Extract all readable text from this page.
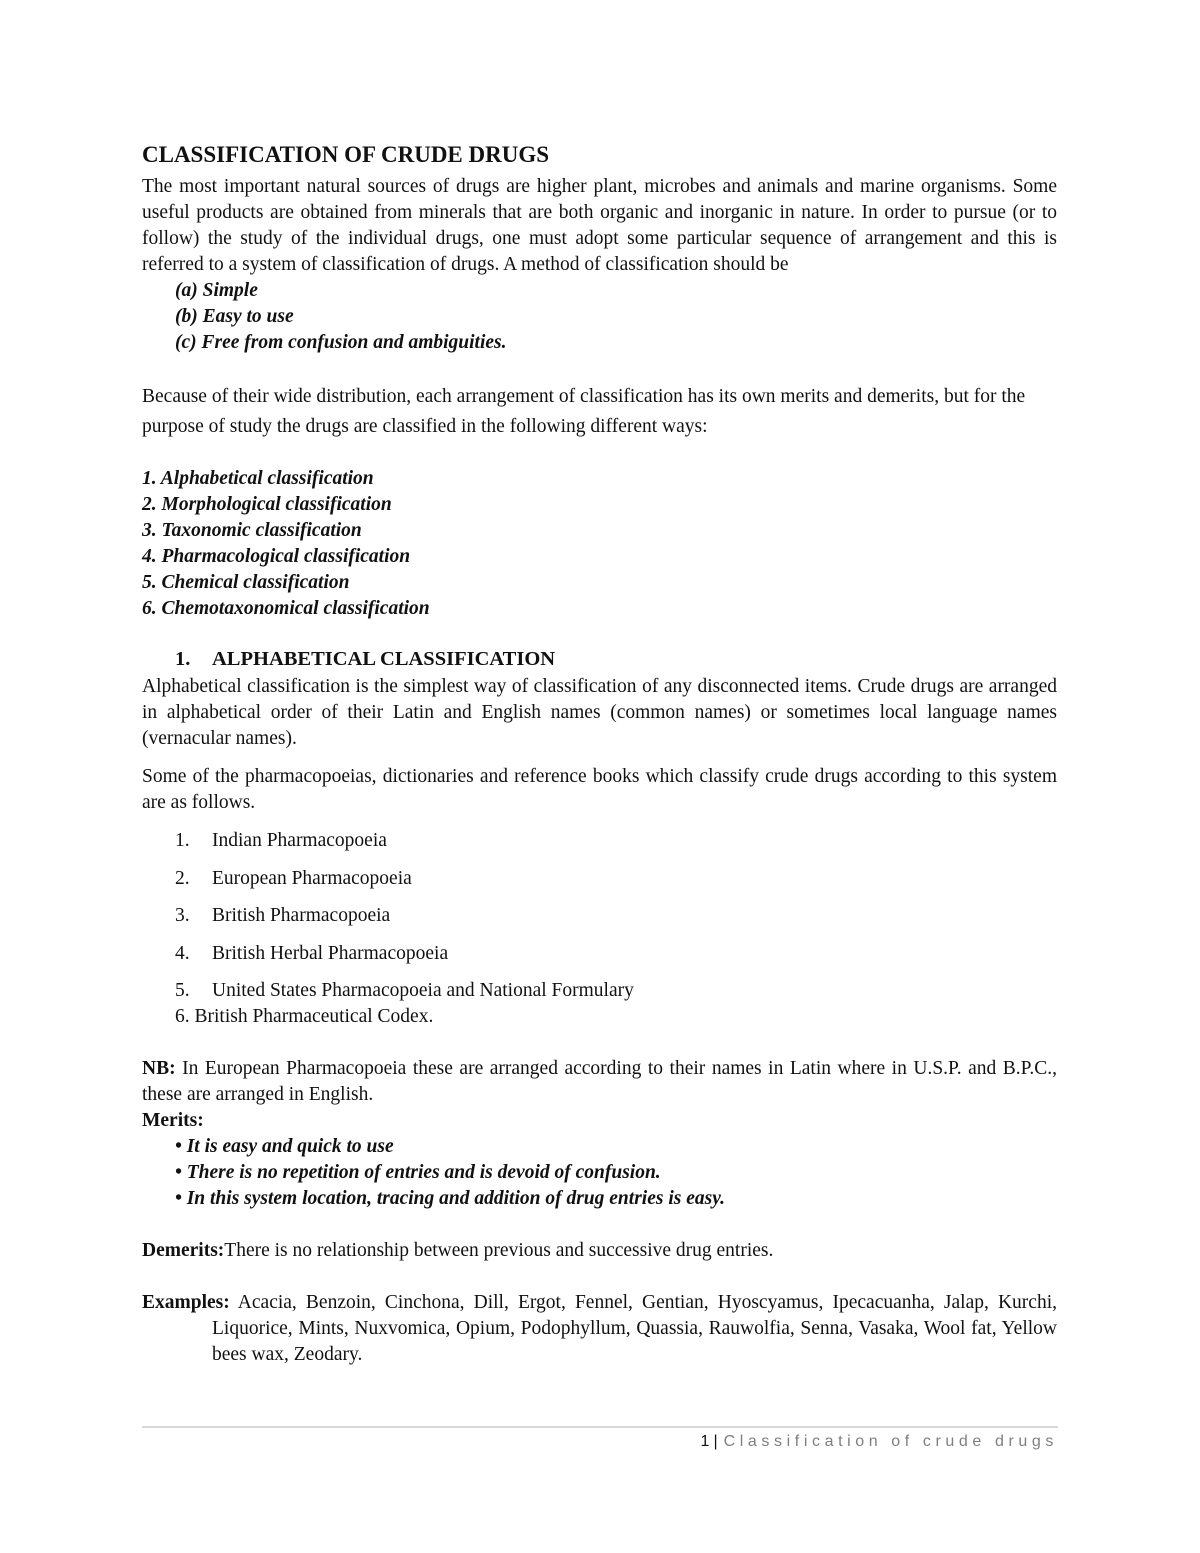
CLASSIFICATION OF CRUDE DRUGS

The most important natural sources of drugs are higher plant, microbes and animals and marine organisms. Some useful products are obtained from minerals that are both organic and inorganic in nature. In order to pursue (or to follow) the study of the individual drugs, one must adopt some particular sequence of arrangement and this is referred to a system of classification of drugs. A method of classification should be

(a) Simple
(b) Easy to use
(c) Free from confusion and ambiguities.

Because of their wide distribution, each arrangement of classification has its own merits and demerits, but for the purpose of study the drugs are classified in the following different ways:

1. Alphabetical classification
2. Morphological classification
3. Taxonomic classification
4. Pharmacological classification
5. Chemical classification
6. Chemotaxonomical classification
1. ALPHABETICAL CLASSIFICATION

Alphabetical classification is the simplest way of classification of any disconnected items. Crude drugs are arranged in alphabetical order of their Latin and English names (common names) or sometimes local language names (vernacular names).

Some of the pharmacopoeias, dictionaries and reference books which classify crude drugs according to this system are as follows.

1.	Indian Pharmacopoeia
2.	European Pharmacopoeia
3.	British Pharmacopoeia
4.	British Herbal Pharmacopoeia
5.	United States Pharmacopoeia and National Formulary
6. British Pharmaceutical Codex.

NB: In European Pharmacopoeia these are arranged according to their names in Latin where in U.S.P. and B.P.C., these are arranged in English.

Merits:
• It is easy and quick to use
• There is no repetition of entries and is devoid of confusion.
• In this system location, tracing and addition of drug entries is easy.

Demerits:There is no relationship between previous and successive drug entries.

Examples: Acacia, Benzoin, Cinchona, Dill, Ergot, Fennel, Gentian, Hyoscyamus, Ipecacuanha, Jalap, Kurchi, Liquorice, Mints, Nuxvomica, Opium, Podophyllum, Quassia, Rauwolfia, Senna, Vasaka, Wool fat, Yellow bees wax, Zeodary.

1 | Classification of crude drugs
